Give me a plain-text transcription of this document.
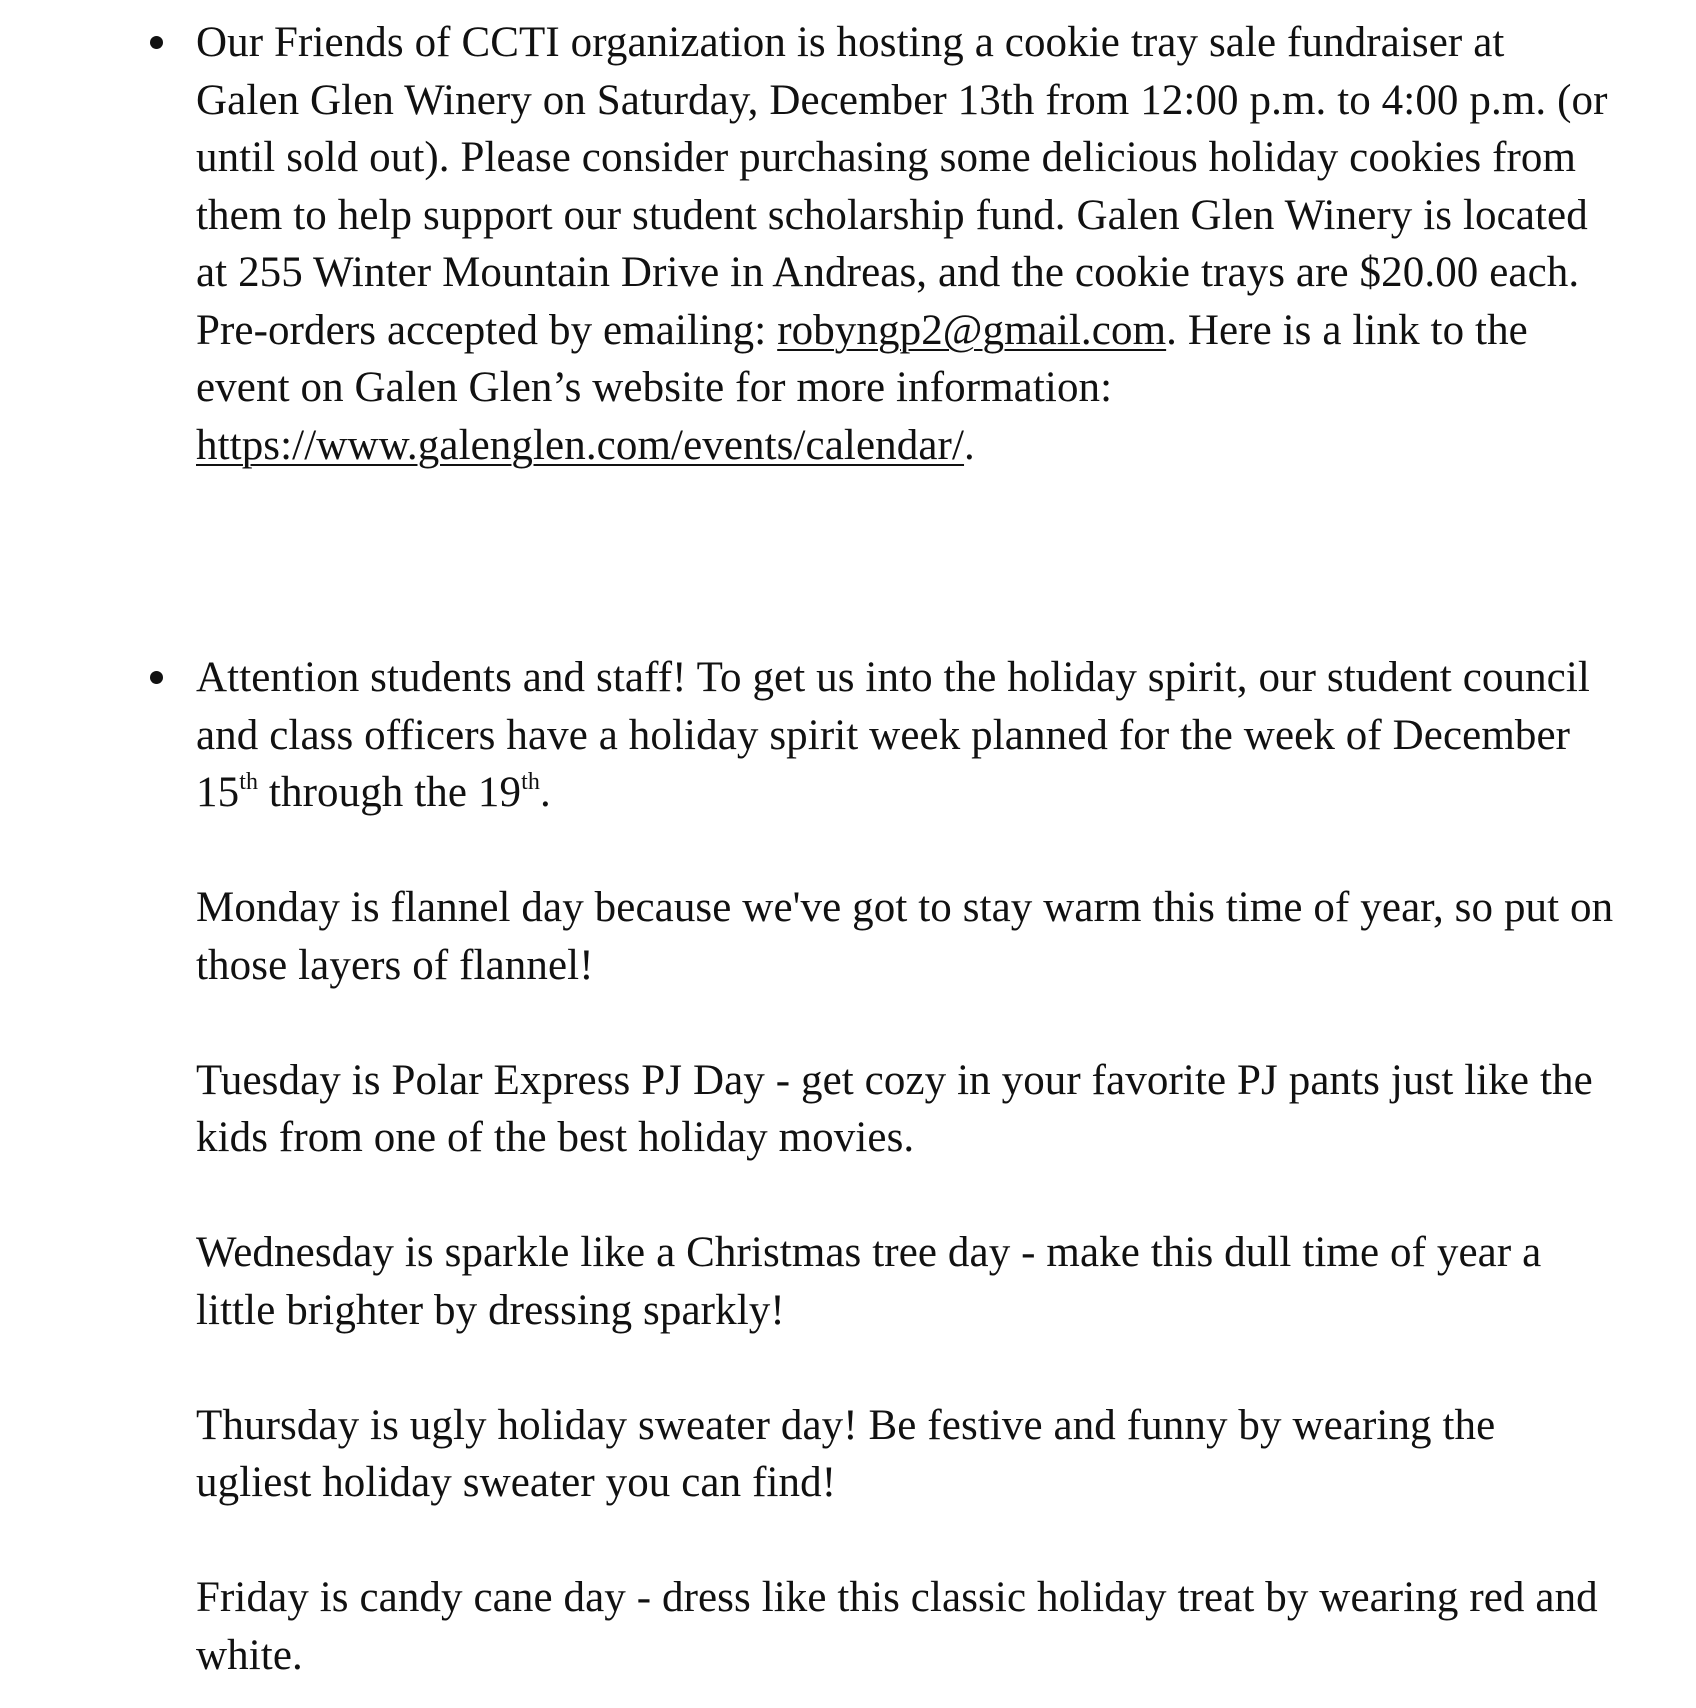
Our Friends of CCTI organization is hosting a cookie tray sale fundraiser at Galen Glen Winery on Saturday, December 13th from 12:00 p.m. to 4:00 p.m. (or until sold out). Please consider purchasing some delicious holiday cookies from them to help support our student scholarship fund. Galen Glen Winery is located at 255 Winter Mountain Drive in Andreas, and the cookie trays are $20.00 each. Pre-orders accepted by emailing: robyngp2@gmail.com. Here is a link to the event on Galen Glen’s website for more information: https://www.galenglen.com/events/calendar/.

Attention students and staff! To get us into the holiday spirit, our student council and class officers have a holiday spirit week planned for the week of December 15th through the 19th.

Monday is flannel day because we've got to stay warm this time of year, so put on those layers of flannel!

Tuesday is Polar Express PJ Day - get cozy in your favorite PJ pants just like the kids from one of the best holiday movies.

Wednesday is sparkle like a Christmas tree day - make this dull time of year a little brighter by dressing sparkly!

Thursday is ugly holiday sweater day! Be festive and funny by wearing the ugliest holiday sweater you can find!

Friday is candy cane day - dress like this classic holiday treat by wearing red and white.
